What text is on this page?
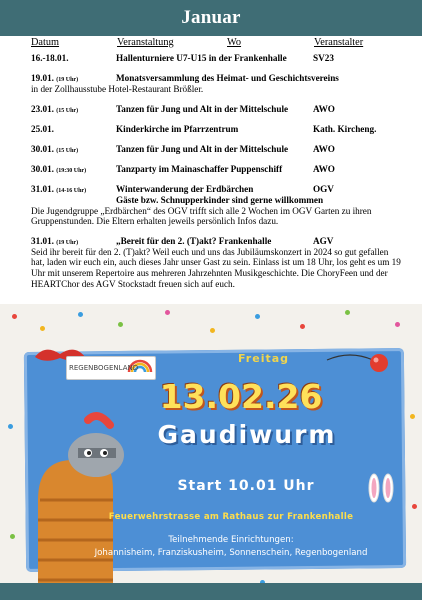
Januar
Datum	Veranstaltung	Wo	Veranstalter
16.-18.01.	Hallenturniere U7-U15 in der Frankenhalle	SV23
19.01. (19 Uhr)	Monatsversammlung des Heimat- und Geschichtsvereins
in der Zollhausstube Hotel-Restaurant Brößler.
23.01. (15 Uhr)	Tanzen für Jung und Alt in der Mittelschule	AWO
25.01.	Kinderkirche im Pfarrzentrum	Kath. Kircheng.
30.01. (15 Uhr)	Tanzen für Jung und Alt in der Mittelschule	AWO
30.01. (19:30 Uhr)	Tanzparty im Mainaschaffer Puppenschiff	AWO
31.01. (14-16 Uhr)	Winterwanderung der Erdbärchen	OGV
Gäste bzw. Schnupperkinder sind gerne willkommen
Die Jugendgruppe „Erdbärchen“ des OGV trifft sich alle 2 Wochen im OGV Garten zu ihren Gruppenstunden. Die Eltern erhalten jeweils persönlich Infos dazu.
31.01. (19 Uhr)	„Bereit für den 2. (T)akt? Frankenhalle	AGV
Seid ihr bereit für den 2. (T)akt? Weil euch und uns das Jubiläumskonzert in 2024 so gut gefallen hat, laden wir euch ein, auch dieses Jahr unser Gast zu sein. Einlass ist um 18 Uhr, los geht es um 19 Uhr mit unserem Repertoire aus mehreren Jahrzehnten Musikgeschichte. Die ChoryFeen und der HEARTChor des AGV Stockstadt freuen sich auf euch.
REGENBOGENLAND
Freitag
13.02.26
Gaudiwurm
Start 10.01 Uhr
Feuerwehrstrasse am Rathaus zur Frankenhalle
Teilnehmende Einrichtungen:
Johannisheim, Franziskusheim, Sonnenschein, Regenbogenland
